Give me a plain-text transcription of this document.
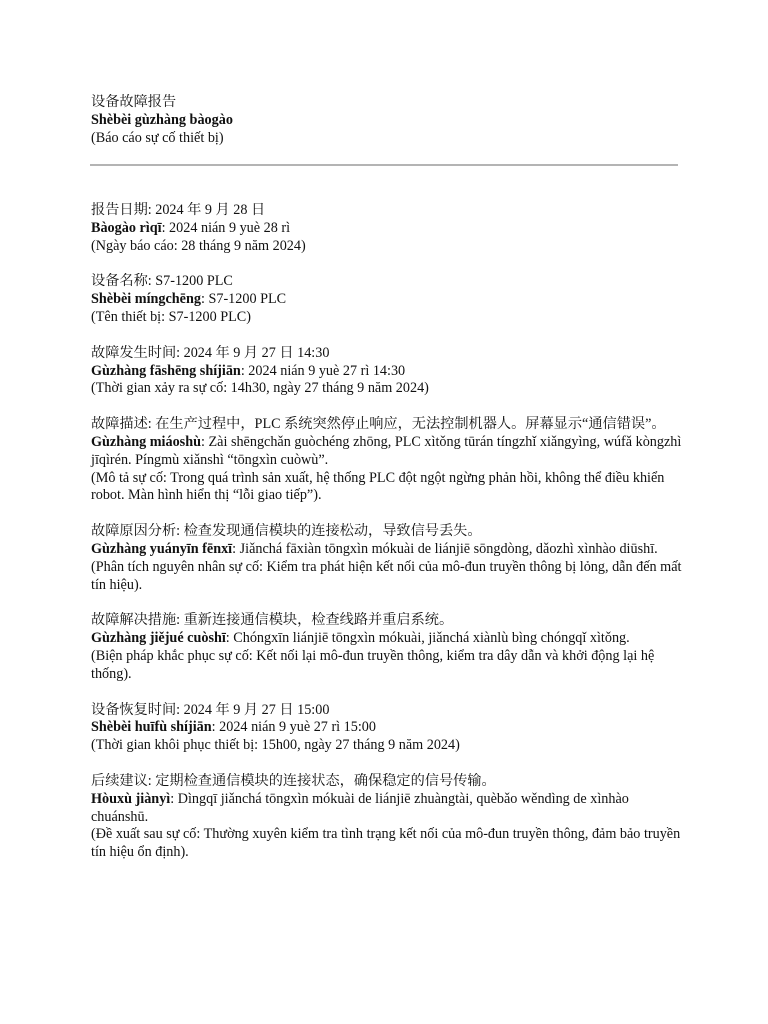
设备故障报告
Shèbèi gùzhàng bàogào
(Báo cáo sự cố thiết bị)
报告日期: 2024 年 9 月 28 日
Bàogào rìqī: 2024 nián 9 yuè 28 rì
(Ngày báo cáo: 28 tháng 9 năm 2024)
设备名称: S7-1200 PLC
Shèbèi míngchēng: S7-1200 PLC
(Tên thiết bị: S7-1200 PLC)
故障发生时间: 2024 年 9 月 27 日 14:30
Gùzhàng fāshēng shíjiān: 2024 nián 9 yuè 27 rì 14:30
(Thời gian xảy ra sự cố: 14h30, ngày 27 tháng 9 năm 2024)
故障描述: 在生产过程中，PLC 系统突然停止响应，无法控制机器人。屏幕显示“通信错误”。
Gùzhàng miáoshù: Zài shēngchǎn guòchéng zhōng, PLC xìtǒng tūrán tíngzhǐ xiǎngyìng, wúfǎ kòngzhì jīqìrén. Píngmù xiǎnshì “tōngxìn cuòwù”.
(Mô tả sự cố: Trong quá trình sản xuất, hệ thống PLC đột ngột ngừng phản hồi, không thể điều khiển robot. Màn hình hiển thị “lỗi giao tiếp”).
故障原因分析: 检查发现通信模块的连接松动，导致信号丢失。
Gùzhàng yuányīn fēnxī: Jiǎnchá fāxiàn tōngxìn mókuài de liánjiē sōngdòng, dǎozhì xìnhào diūshī.
(Phân tích nguyên nhân sự cố: Kiểm tra phát hiện kết nối của mô-đun truyền thông bị lỏng, dẫn đến mất tín hiệu).
故障解决措施: 重新连接通信模块，检查线路并重启系统。
Gùzhàng jiějué cuòshī: Chóngxīn liánjiē tōngxìn mókuài, jiǎnchá xiànlù bìng chóngqǐ xìtǒng.
(Biện pháp khắc phục sự cố: Kết nối lại mô-đun truyền thông, kiểm tra dây dẫn và khởi động lại hệ thống).
设备恢复时间: 2024 年 9 月 27 日 15:00
Shèbèi huīfù shíjiān: 2024 nián 9 yuè 27 rì 15:00
(Thời gian khôi phục thiết bị: 15h00, ngày 27 tháng 9 năm 2024)
后续建议: 定期检查通信模块的连接状态，确保稳定的信号传输。
Hòuxù jiànyì: Dìngqī jiǎnchá tōngxìn mókuài de liánjiē zhuàngtài, quèbǎo wěndìng de xìnhào chuánshū.
(Đề xuất sau sự cố: Thường xuyên kiểm tra tình trạng kết nối của mô-đun truyền thông, đảm bảo truyền tín hiệu ổn định).
